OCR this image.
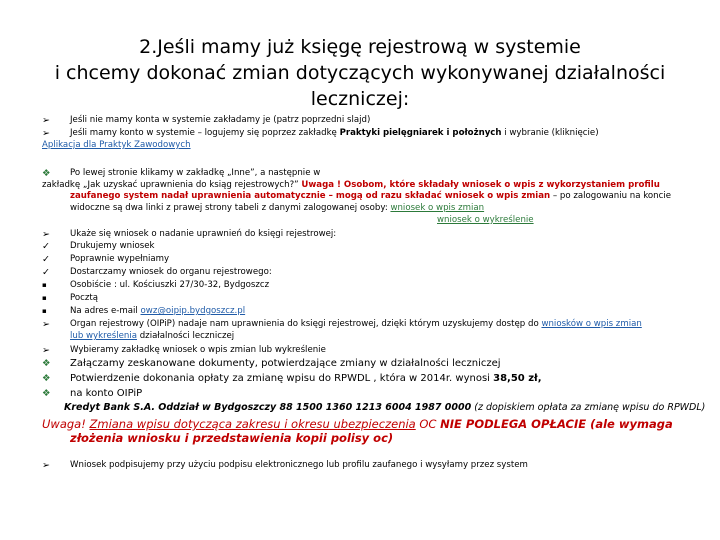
2.Jeśli mamy już księgę rejestrową w systemie
i chcemy dokonać zmian dotyczących wykonywanej działalności
leczniczej:
➢ Jeśli nie mamy konta w systemie zakładamy je (patrz poprzedni slajd)
➢ Jeśli mamy konto w systemie – logujemy się poprzez zakładkę Praktyki pielęgniarek i położnych i wybranie (kliknięcie)
Aplikacja dla Praktyk Zawodowych
❖ Po lewej stronie klikamy w zakładkę „Inne”, a następnie w
zakładkę „Jak uzyskać uprawnienia do ksiąg rejestrowych?” Uwaga ! Osobom, które składały wniosek o wpis z wykorzystaniem profilu
zaufanego system nadał uprawnienia automatycznie – mogą od razu składać wniosek o wpis zmian – po zalogowaniu na koncie
widoczne są dwa linki z prawej strony tabeli z danymi zalogowanej osoby: wniosek o wpis zmian
wniosek o wykreślenie
➢ Ukaże się wniosek o nadanie uprawnień do księgi rejestrowej:
✓ Drukujemy wniosek
✓ Poprawnie wypełniamy
✓ Dostarczamy wniosek do organu rejestrowego:
▪	Osobiście : ul. Kościuszki 27/30-32, Bydgoszcz
▪	Pocztą
▪	Na adres e-mail owz@oipip.bydgoszcz.pl
➢ Organ rejestrowy (OIPiP) nadaje nam uprawnienia do księgi rejestrowej, dzięki którym uzyskujemy dostęp do wniosków o wpis zmian
lub wykreślenia działalności leczniczej
➢ Wybieramy zakładkę wniosek o wpis zmian lub wykreślenie
❖ Załączamy zeskanowane dokumenty, potwierdzające zmiany w działalności leczniczej
❖ Potwierdzenie dokonania opłaty za zmianę wpisu do RPWDL , która w 2014r. wynosi 38,50 zł,
❖ na konto OIPiP
Kredyt Bank S.A. Oddział w Bydgoszczy 88 1500 1360 1213 6004 1987 0000 (z dopiskiem opłata za zmianę wpisu do RPWDL)
Uwaga! Zmiana wpisu dotycząca zakresu i okresu ubezpieczenia OC NIE PODLEGA OPŁACIE (ale wymaga
złożenia wniosku i przedstawienia kopii polisy oc)
➢ Wniosek podpisujemy przy użyciu podpisu elektronicznego lub profilu zaufanego i wysyłamy przez system
